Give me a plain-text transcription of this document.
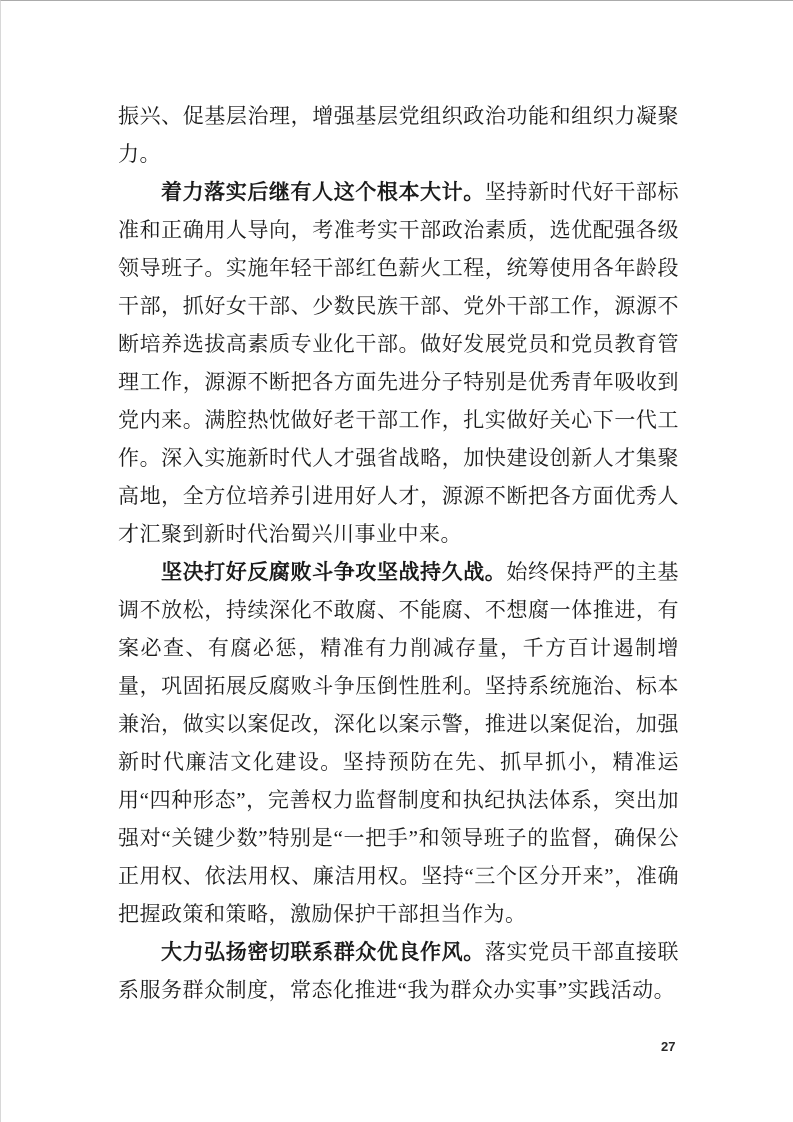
振兴、促基层治理，增强基层党组织政治功能和组织力凝聚力。

着力落实后继有人这个根本大计。坚持新时代好干部标准和正确用人导向，考准考实干部政治素质，选优配强各级领导班子。实施年轻干部红色薪火工程，统筹使用各年龄段干部，抓好女干部、少数民族干部、党外干部工作，源源不断培养选拔高素质专业化干部。做好发展党员和党员教育管理工作，源源不断把各方面先进分子特别是优秀青年吸收到党内来。满腔热忱做好老干部工作，扎实做好关心下一代工作。深入实施新时代人才强省战略，加快建设创新人才集聚高地，全方位培养引进用好人才，源源不断把各方面优秀人才汇聚到新时代治蜀兴川事业中来。

坚决打好反腐败斗争攻坚战持久战。始终保持严的主基调不放松，持续深化不敢腐、不能腐、不想腐一体推进，有案必查、有腐必惩，精准有力削减存量，千方百计遏制增量，巩固拓展反腐败斗争压倒性胜利。坚持系统施治、标本兼治，做实以案促改，深化以案示警，推进以案促治，加强新时代廉洁文化建设。坚持预防在先、抓早抓小，精准运用“四种形态”，完善权力监督制度和执纪执法体系，突出加强对“关键少数”特别是“一把手”和领导班子的监督，确保公正用权、依法用权、廉洁用权。坚持“三个区分开来”，准确把握政策和策略，激励保护干部担当作为。

大力弘扬密切联系群众优良作风。落实党员干部直接联系服务群众制度，常态化推进“我为群众办实事”实践活动。

27
